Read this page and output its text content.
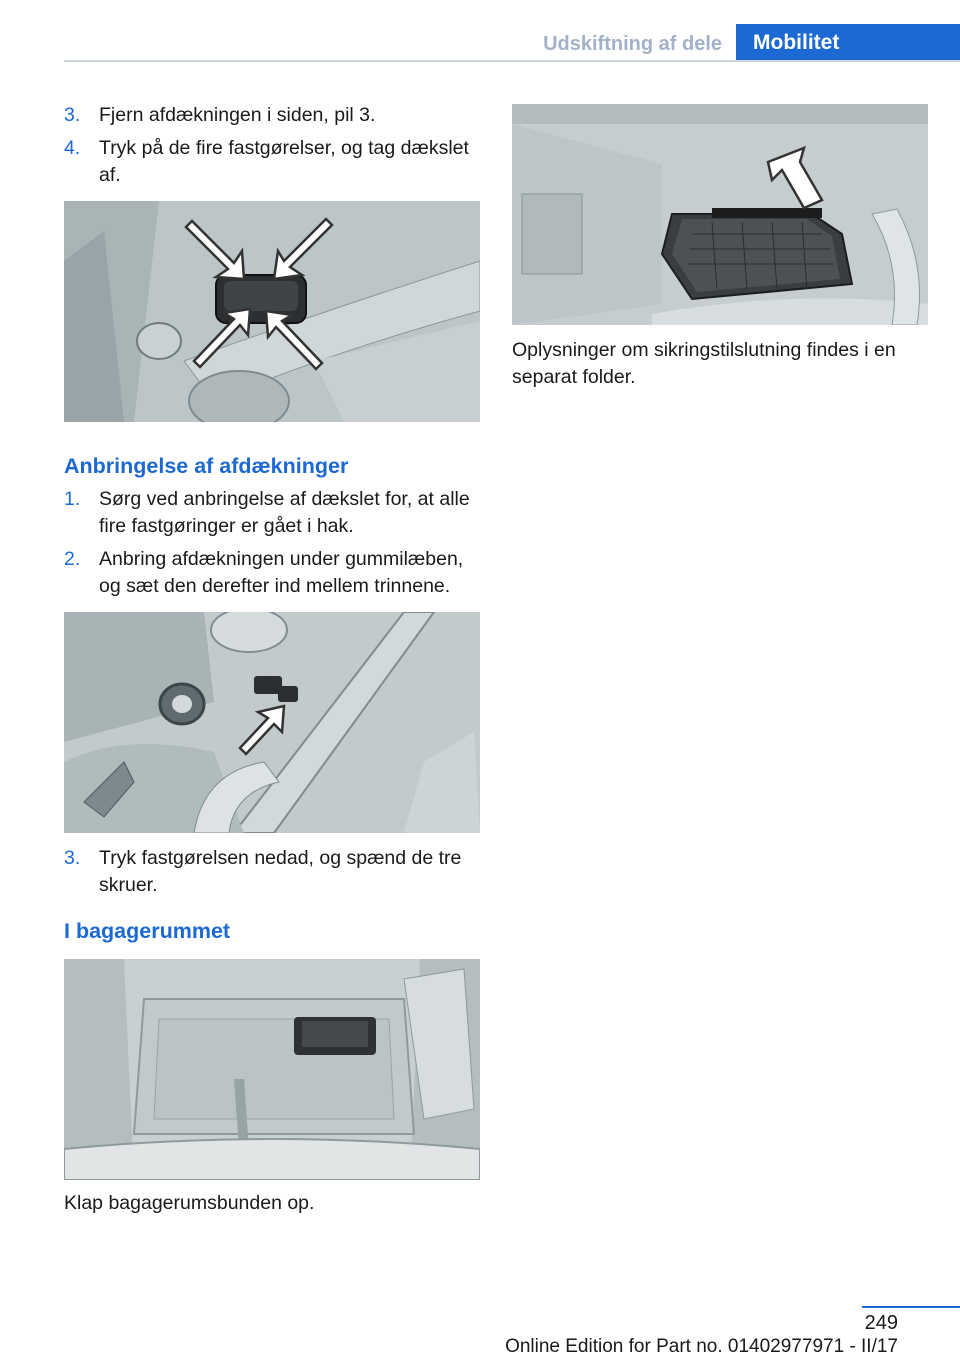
Udskiftning af dele	Mobilitet
3. Fjern afdækningen i siden, pil 3.
4. Tryk på de fire fastgørelser, og tag dækslet af.
Anbringelse af afdækninger
1. Sørg ved anbringelse af dækslet for, at alle fire fastgøringer er gået i hak.
2. Anbring afdækningen under gummilæben, og sæt den derefter ind mellem trinnene.
3. Tryk fastgørelsen nedad, og spænd de tre skruer.
I bagagerummet
Klap bagagerumsbunden op.
Oplysninger om sikringstilslutning findes i en separat folder.
249
Online Edition for Part no. 01402977971 - II/17
